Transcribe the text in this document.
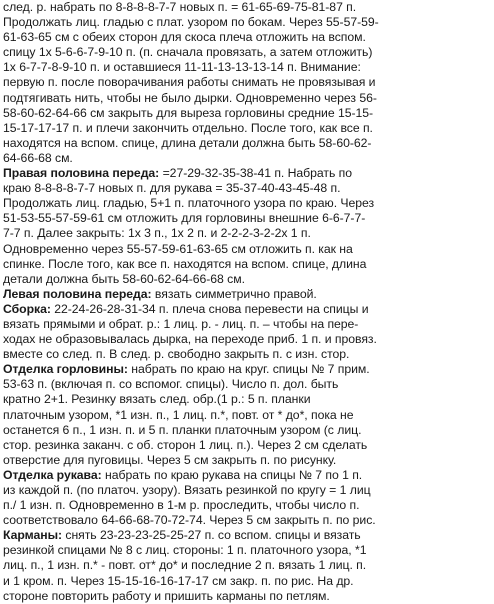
след. р. набрать по 8-8-8-8-7-7 новых п. = 61-65-69-75-81-87 п.
Продолжать лиц. гладью с плат. узором по бокам. Через 55-57-59-
61-63-65 см с обеих сторон для скоса плеча отложить на вспом.
спицу 1х 5-6-6-7-9-10 п. (п. сначала провязать, а затем отложить)
1х 6-7-7-8-9-10 п. и оставшиеся 11-11-13-13-13-14 п. Внимание:
первую п. после поворачивания работы снимать не провязывая и
подтягивать нить, чтобы не было дырки. Одновременно через 56-
58-60-62-64-66 см закрыть для выреза горловины средние 15-15-
15-17-17-17 п. и плечи закончить отдельно. После того, как все п.
находятся на вспом. спице, длина детали должна быть 58-60-62-
64-66-68 см.
Правая половина переда: =27-29-32-35-38-41 п. Набрать по
краю 8-8-8-8-7-7 новых п. для рукава = 35-37-40-43-45-48 п.
Продолжать лиц. гладью, 5+1 п. платочного узора по краю. Через
51-53-55-57-59-61 см отложить для горловины внешние 6-6-7-7-
7-7 п. Далее закрыть: 1х 3 п., 1х 2 п. и 2-2-2-3-2-2х 1 п.
Одновременно через 55-57-59-61-63-65 см отложить п. как на
спинке. После того, как все п. находятся на вспом. спице, длина
детали должна быть 58-60-62-64-66-68 см.
Левая половина переда: вязать симметрично правой.
Сборка: 22-24-26-28-31-34 п. плеча снова перевести на спицы и
вязать прямыми и обрат. р.: 1 лиц. р. - лиц. п. – чтобы на пере-
ходах не образовывалась дырка, на переходе приб. 1 п. и провяз.
вместе со след. п. В след. р. свободно закрыть п. с изн. стор.
Отделка горловины: набрать по краю на круг. спицы № 7 прим.
53-63 п. (включая п. со вспомог. спицы). Число п. дол. быть
кратно 2+1. Резинку вязать след. обр.(1 р.: 5 п. планки
платочным узором, *1 изн. п., 1 лиц. п.*, повт. от * до*, пока не
останется 6 п., 1 изн. п. и 5 п. планки платочным узором (с лиц.
стор. резинка заканч. с об. сторон 1 лиц. п.). Через 2 см сделать
отверстие для пуговицы. Через 5 см закрыть п. по рисунку.
Отделка рукава: набрать по краю рукава на спицы № 7 по 1 п.
из каждой п. (по платоч. узору). Вязать резинкой по кругу = 1 лиц
п./ 1 изн. п. Одновременно в 1-м р. проследить, чтобы число п.
соответствовало 64-66-68-70-72-74. Через 5 см закрыть п. по рис.
Карманы: снять 23-23-23-25-25-27 п. со вспом. спицы и вязать
резинкой спицами № 8 с лиц. стороны: 1 п. платочного узора, *1
лиц. п., 1 изн. п.* - повт. от* до* и последние 2 п. вязать 1 лиц. п.
и 1 кром. п. Через 15-15-16-16-17-17 см закр. п. по рис. На др.
стороне повторить работу и пришить карманы по петлям.
